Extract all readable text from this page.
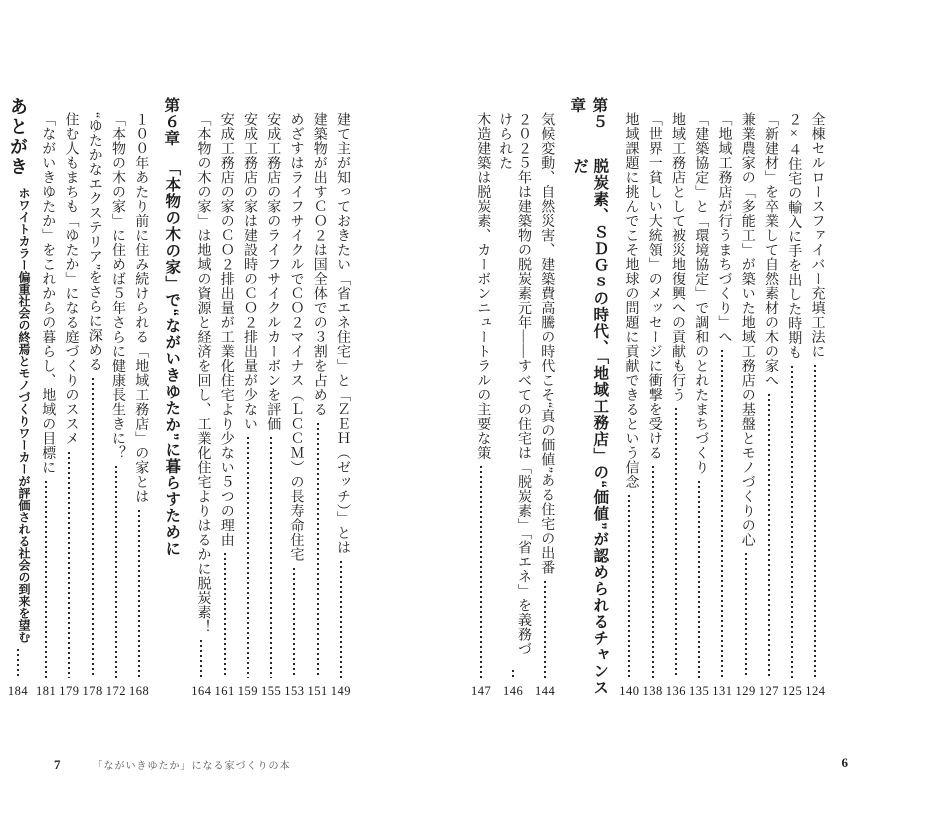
全棟セルロースファイバー充填工法に
124
２×４住宅の輸入に手を出した時期も
125
「新建材」を卒業して自然素材の木の家へ
127
兼業農家の「多能工」が築いた地域工務店の基盤とモノづくりの心
129
「地域工務店が行うまちづくり」へ
131
「建築協定」と「環境協定」で調和のとれたまちづくり
135
地域工務店として被災地復興への貢献も行う
136
「世界一貧しい大統領」のメッセージに衝撃を受ける
138
地域課題に挑んでこそ地球の問題に貢献できるという信念
140
第５章
脱炭素、ＳＤＧｓの時代、「地域工務店」の“価値”が認められるチャンスだ
気候変動、自然災害、建築費高騰の時代こそ“真の価値”ある住宅の出番
144
２０２５年は建築物の脱炭素元年――すべての住宅は「脱炭素」「省エネ」を義務づけられた
146
木造建築は脱炭素、カーボンニュートラルの主要な策
147
6
建て主が知っておきたい「省エネ住宅」と「ＺＥＨ（ゼッチ）」とは
149
建築物が出すＣＯ２は国全体での３割を占める
151
めざすはライフサイクルでＣＯ２マイナス（ＬＣＣＭ）の長寿命住宅
153
安成工務店の家のライフサイクルカーボンを評価
155
安成工務店の家は建設時のＣＯ２排出量が少ない
159
安成工務店の家のＣＯ２排出量が工業化住宅より少ない５つの理由
161
「本物の木の家」は地域の資源と経済を回し、工業化住宅よりはるかに脱炭素！
164
第６章
「本物の木の家」で“ながいきゆたか”に暮らすために
１００年あたり前に住み続けられる「地域工務店」の家とは
168
「本物の木の家」に住めば５年さらに健康長生きに？
172
“ゆたかなエクステリア”をさらに深める
178
住む人もまちも「ゆたか」になる庭づくりのススメ
179
「ながいきゆたか」をこれからの暮らし、地域の目標に
181
あとがき
ホワイトカラー偏重社会の終焉とモノづくりワーカーが評価される社会の到来を望む
184
7	「ながいきゆたか」になる家づくりの本
